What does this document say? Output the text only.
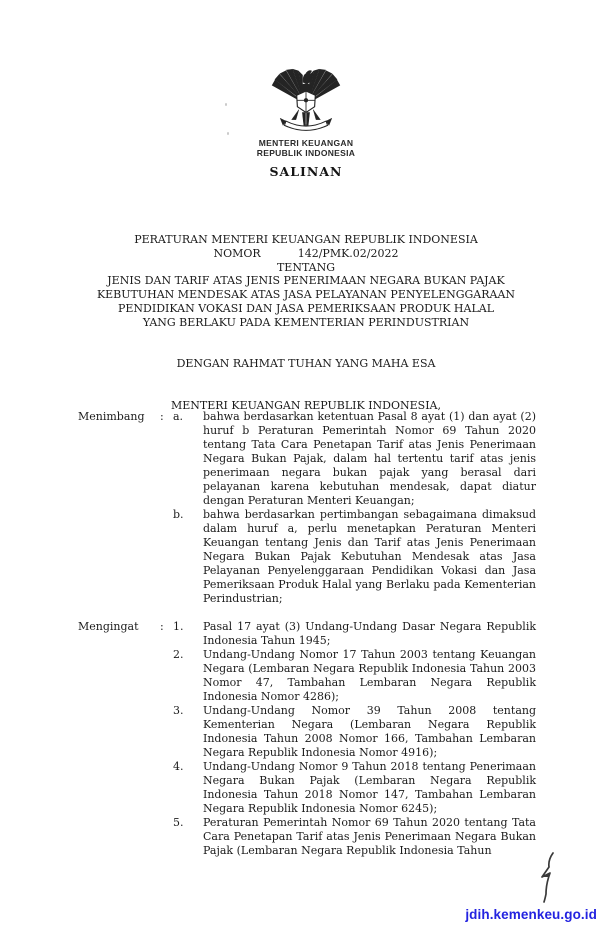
MENTERI KEUANGAN
REPUBLIK INDONESIA
SALINAN
PERATURAN MENTERI KEUANGAN REPUBLIK INDONESIA
NOMOR	142/PMK.02/2022
TENTANG
JENIS DAN TARIF ATAS JENIS PENERIMAAN NEGARA BUKAN PAJAK
KEBUTUHAN MENDESAK ATAS JASA PELAYANAN PENYELENGGARAAN
PENDIDIKAN VOKASI DAN JASA PEMERIKSAAN PRODUK HALAL
YANG BERLAKU PADA KEMENTERIAN PERINDUSTRIAN
DENGAN RAHMAT TUHAN YANG MAHA ESA
MENTERI KEUANGAN REPUBLIK INDONESIA,
Menimbang	: a.	bahwa berdasarkan ketentuan Pasal 8 ayat (1) dan ayat (2) huruf b Peraturan Pemerintah Nomor 69 Tahun 2020 tentang Tata Cara Penetapan Tarif atas Jenis Penerimaan Negara Bukan Pajak, dalam hal tertentu tarif atas jenis penerimaan negara bukan pajak yang berasal dari pelayanan karena kebutuhan mendesak, dapat diatur dengan Peraturan Menteri Keuangan;
b.	bahwa berdasarkan pertimbangan sebagaimana dimaksud dalam huruf a, perlu menetapkan Peraturan Menteri Keuangan tentang Jenis dan Tarif atas Jenis Penerimaan Negara Bukan Pajak Kebutuhan Mendesak atas Jasa Pelayanan Penyelenggaraan Pendidikan Vokasi dan Jasa Pemeriksaan Produk Halal yang Berlaku pada Kementerian Perindustrian;
Mengingat	: 1.	Pasal 17 ayat (3) Undang-Undang Dasar Negara Republik Indonesia Tahun 1945;
2.	Undang-Undang Nomor 17 Tahun 2003 tentang Keuangan Negara (Lembaran Negara Republik Indonesia Tahun 2003 Nomor 47, Tambahan Lembaran Negara Republik Indonesia Nomor 4286);
3.	Undang-Undang Nomor 39 Tahun 2008 tentang Kementerian Negara (Lembaran Negara Republik Indonesia Tahun 2008 Nomor 166, Tambahan Lembaran Negara Republik Indonesia Nomor 4916);
4.	Undang-Undang Nomor 9 Tahun 2018 tentang Penerimaan Negara Bukan Pajak (Lembaran Negara Republik Indonesia Tahun 2018 Nomor 147, Tambahan Lembaran Negara Republik Indonesia Nomor 6245);
5.	Peraturan Pemerintah Nomor 69 Tahun 2020 tentang Tata Cara Penetapan Tarif atas Jenis Penerimaan Negara Bukan Pajak (Lembaran Negara Republik Indonesia Tahun
jdih.kemenkeu.go.id
